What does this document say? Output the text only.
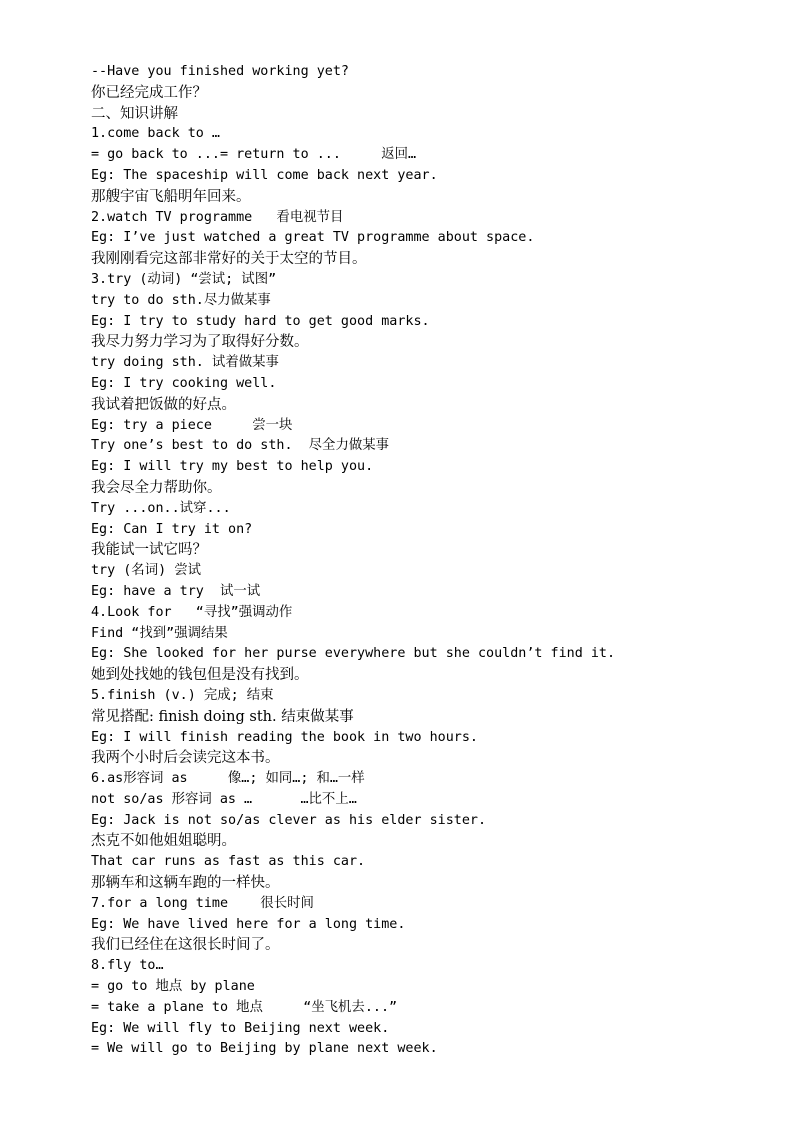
--Have you finished working yet?
你已经完成工作？
二、知识讲解
1.come back to …
= go back to ...= return to ...     返回…
Eg: The spaceship will come back next year.
那艘宇宙飞船明年回来。
2.watch TV programme   看电视节目
Eg: I’ve just watched a great TV programme about space.
我刚刚看完这部非常好的关于太空的节目。
3.try (动词) “尝试; 试图”
try to do sth.尽力做某事
Eg: I try to study hard to get good marks.
我尽力努力学习为了取得好分数。
try doing sth. 试着做某事
Eg: I try cooking well.
我试着把饭做的好点。
Eg: try a piece     尝一块
Try one’s best to do sth.  尽全力做某事
Eg: I will try my best to help you.
我会尽全力帮助你。
Try ...on..试穿...
Eg: Can I try it on?
我能试一试它吗？
try (名词) 尝试
Eg: have a try  试一试
4.Look for   “寻找”强调动作
Find “找到”强调结果
Eg: She looked for her purse everywhere but she couldn’t find it.
她到处找她的钱包但是没有找到。
5.finish (v.) 完成; 结束
常见搭配: finish doing sth. 结束做某事
Eg: I will finish reading the book in two hours.
我两个小时后会读完这本书。
6.as形容词 as     像…; 如同…; 和…一样
not so/as 形容词 as …      …比不上…
Eg: Jack is not so/as clever as his elder sister.
杰克不如他姐姐聪明。
That car runs as fast as this car.
那辆车和这辆车跑的一样快。
7.for a long time    很长时间
Eg: We have lived here for a long time.
我们已经住在这很长时间了。
8.fly to…
= go to 地点 by plane
= take a plane to 地点     “坐飞机去...”
Eg: We will fly to Beijing next week.
= We will go to Beijing by plane next week.
